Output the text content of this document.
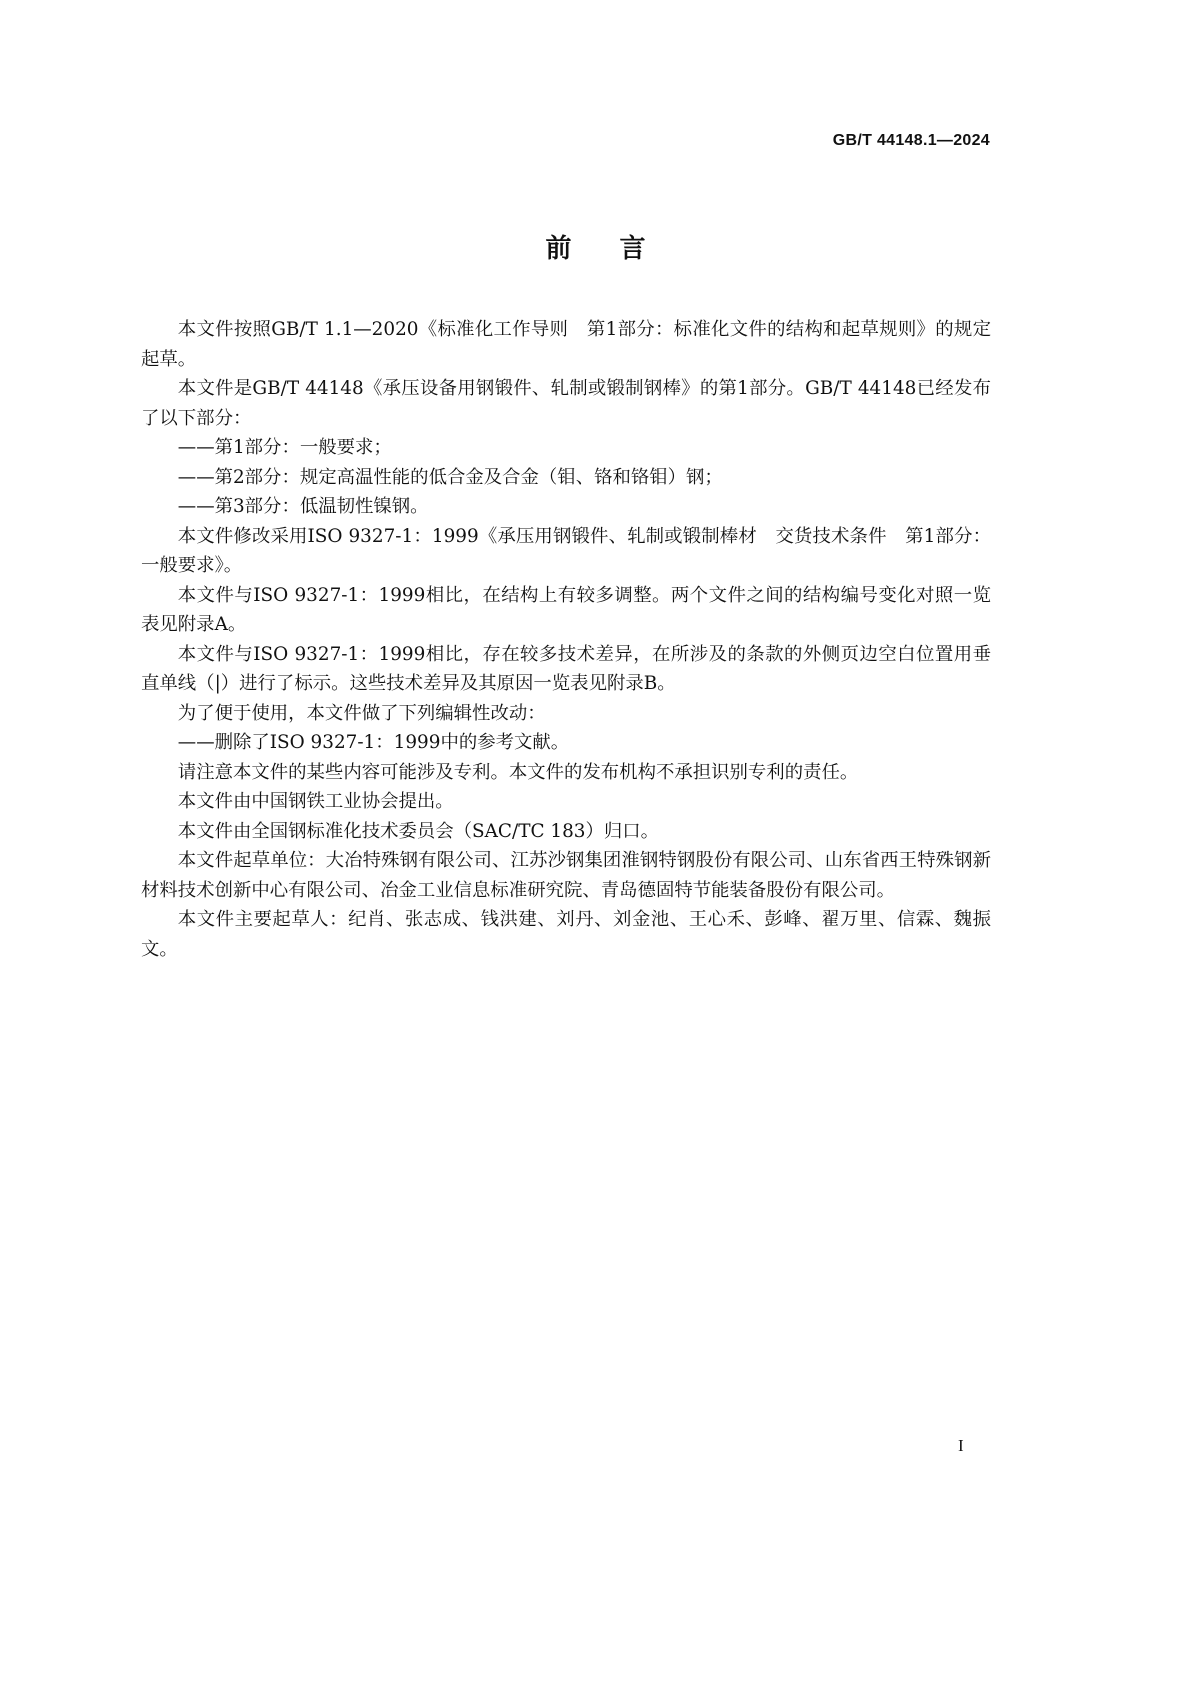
GB/T 44148.1—2024
前言

本文件按照GB/T 1.1—2020《标准化工作导则　第1部分：标准化文件的结构和起草规则》的规定起草。

本文件是GB/T 44148《承压设备用钢锻件、轧制或锻制钢棒》的第1部分。GB/T 44148已经发布了以下部分：

——第1部分：一般要求；

——第2部分：规定高温性能的低合金及合金（钼、铬和铬钼）钢；

——第3部分：低温韧性镍钢。

本文件修改采用ISO 9327-1：1999《承压用钢锻件、轧制或锻制棒材　交货技术条件　第1部分：一般要求》。

本文件与ISO 9327-1：1999相比，在结构上有较多调整。两个文件之间的结构编号变化对照一览表见附录A。

本文件与ISO 9327-1：1999相比，存在较多技术差异，在所涉及的条款的外侧页边空白位置用垂直单线（|）进行了标示。这些技术差异及其原因一览表见附录B。

为了便于使用，本文件做了下列编辑性改动：

——删除了ISO 9327-1：1999中的参考文献。

请注意本文件的某些内容可能涉及专利。本文件的发布机构不承担识别专利的责任。

本文件由中国钢铁工业协会提出。

本文件由全国钢标准化技术委员会（SAC/TC 183）归口。

本文件起草单位：大冶特殊钢有限公司、江苏沙钢集团淮钢特钢股份有限公司、山东省西王特殊钢新材料技术创新中心有限公司、冶金工业信息标准研究院、青岛德固特节能装备股份有限公司。

本文件主要起草人：纪肖、张志成、钱洪建、刘丹、刘金池、王心禾、彭峰、翟万里、信霖、魏振文。

I
